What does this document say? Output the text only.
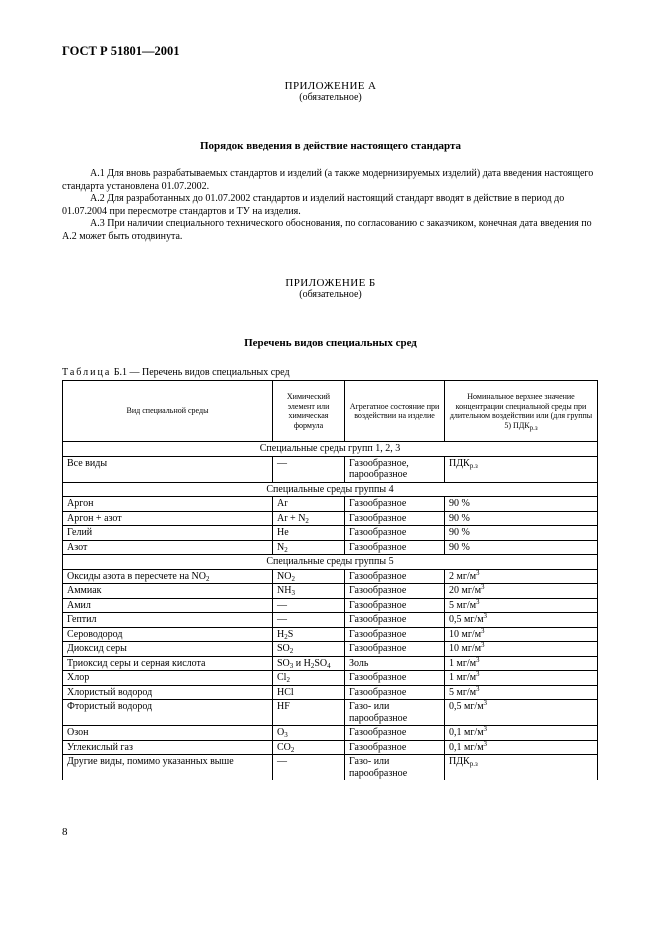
ГОСТ Р 51801—2001
ПРИЛОЖЕНИЕ А
(обязательное)
Порядок введения в действие настоящего стандарта

А.1 Для вновь разрабатываемых стандартов и изделий (а также модернизируемых изделий) дата введения настоящего стандарта установлена 01.07.2002.

А.2 Для разработанных до 01.07.2002 стандартов и изделий настоящий стандарт вводят в действие в период до 01.07.2004 при пересмотре стандартов и ТУ на изделия.

А.3 При наличии специального технического обоснования, по согласованию с заказчиком, конечная дата введения по А.2 может быть отодвинута.

ПРИЛОЖЕНИЕ Б
(обязательное)
Перечень видов специальных сред
Таблица Б.1 — Перечень видов специальных сред
Вид специальной среды	Химический элемент или химическая формула	Агрегатное состояние при воздействии на изделие	Номинальное верхнее значение концентрации специальной среды при длительном воздействии или (для группы 5) $ПДК_{р.з}$
Специальные среды групп 1, 2, 3			
Все виды	—	Газообразное, парообразное	$ПДК_{р.з}$
Специальные среды группы 4			
Аргон	Ar	Газообразное	90 %
Аргон + азот	$Ar + N_2$	Газообразное	90 %
Гелий	He	Газообразное	90 %
Азот	$N_2$	Газообразное	90 %
Специальные среды группы 5			
Оксиды азота в пересчете на $NO_2$	$NO_2$	Газообразное	2 $мг/м^3$
Аммиак	$NH_3$	Газообразное	20 $мг/м^3$
Амил	—	Газообразное	5 $мг/м^3$
Гептил	—	Газообразное	0,5 $мг/м^3$
Сероводород	$H_2S$	Газообразное	10 $мг/м^3$
Диоксид серы	$SO_2$	Газообразное	10 $мг/м^3$
Триоксид серы и серная кислота	$SO_3$ и $H_2SO_4$	Золь	1 $мг/м^3$
Хлор	$Cl_2$	Газообразное	1 $мг/м^3$
Хлористый водород	HCl	Газообразное	5 $мг/м^3$
Фтористый водород	HF	Газо- или парообразное	0,5 $мг/м^3$
Озон	$O_3$	Газообразное	0,1 $мг/м^3$
Углекислый газ	$CO_2$	Газообразное	0,1 $мг/м^3$
Другие виды, помимо указанных выше	—	Газо- или парообразное	$ПДК_{р.з}$
8
